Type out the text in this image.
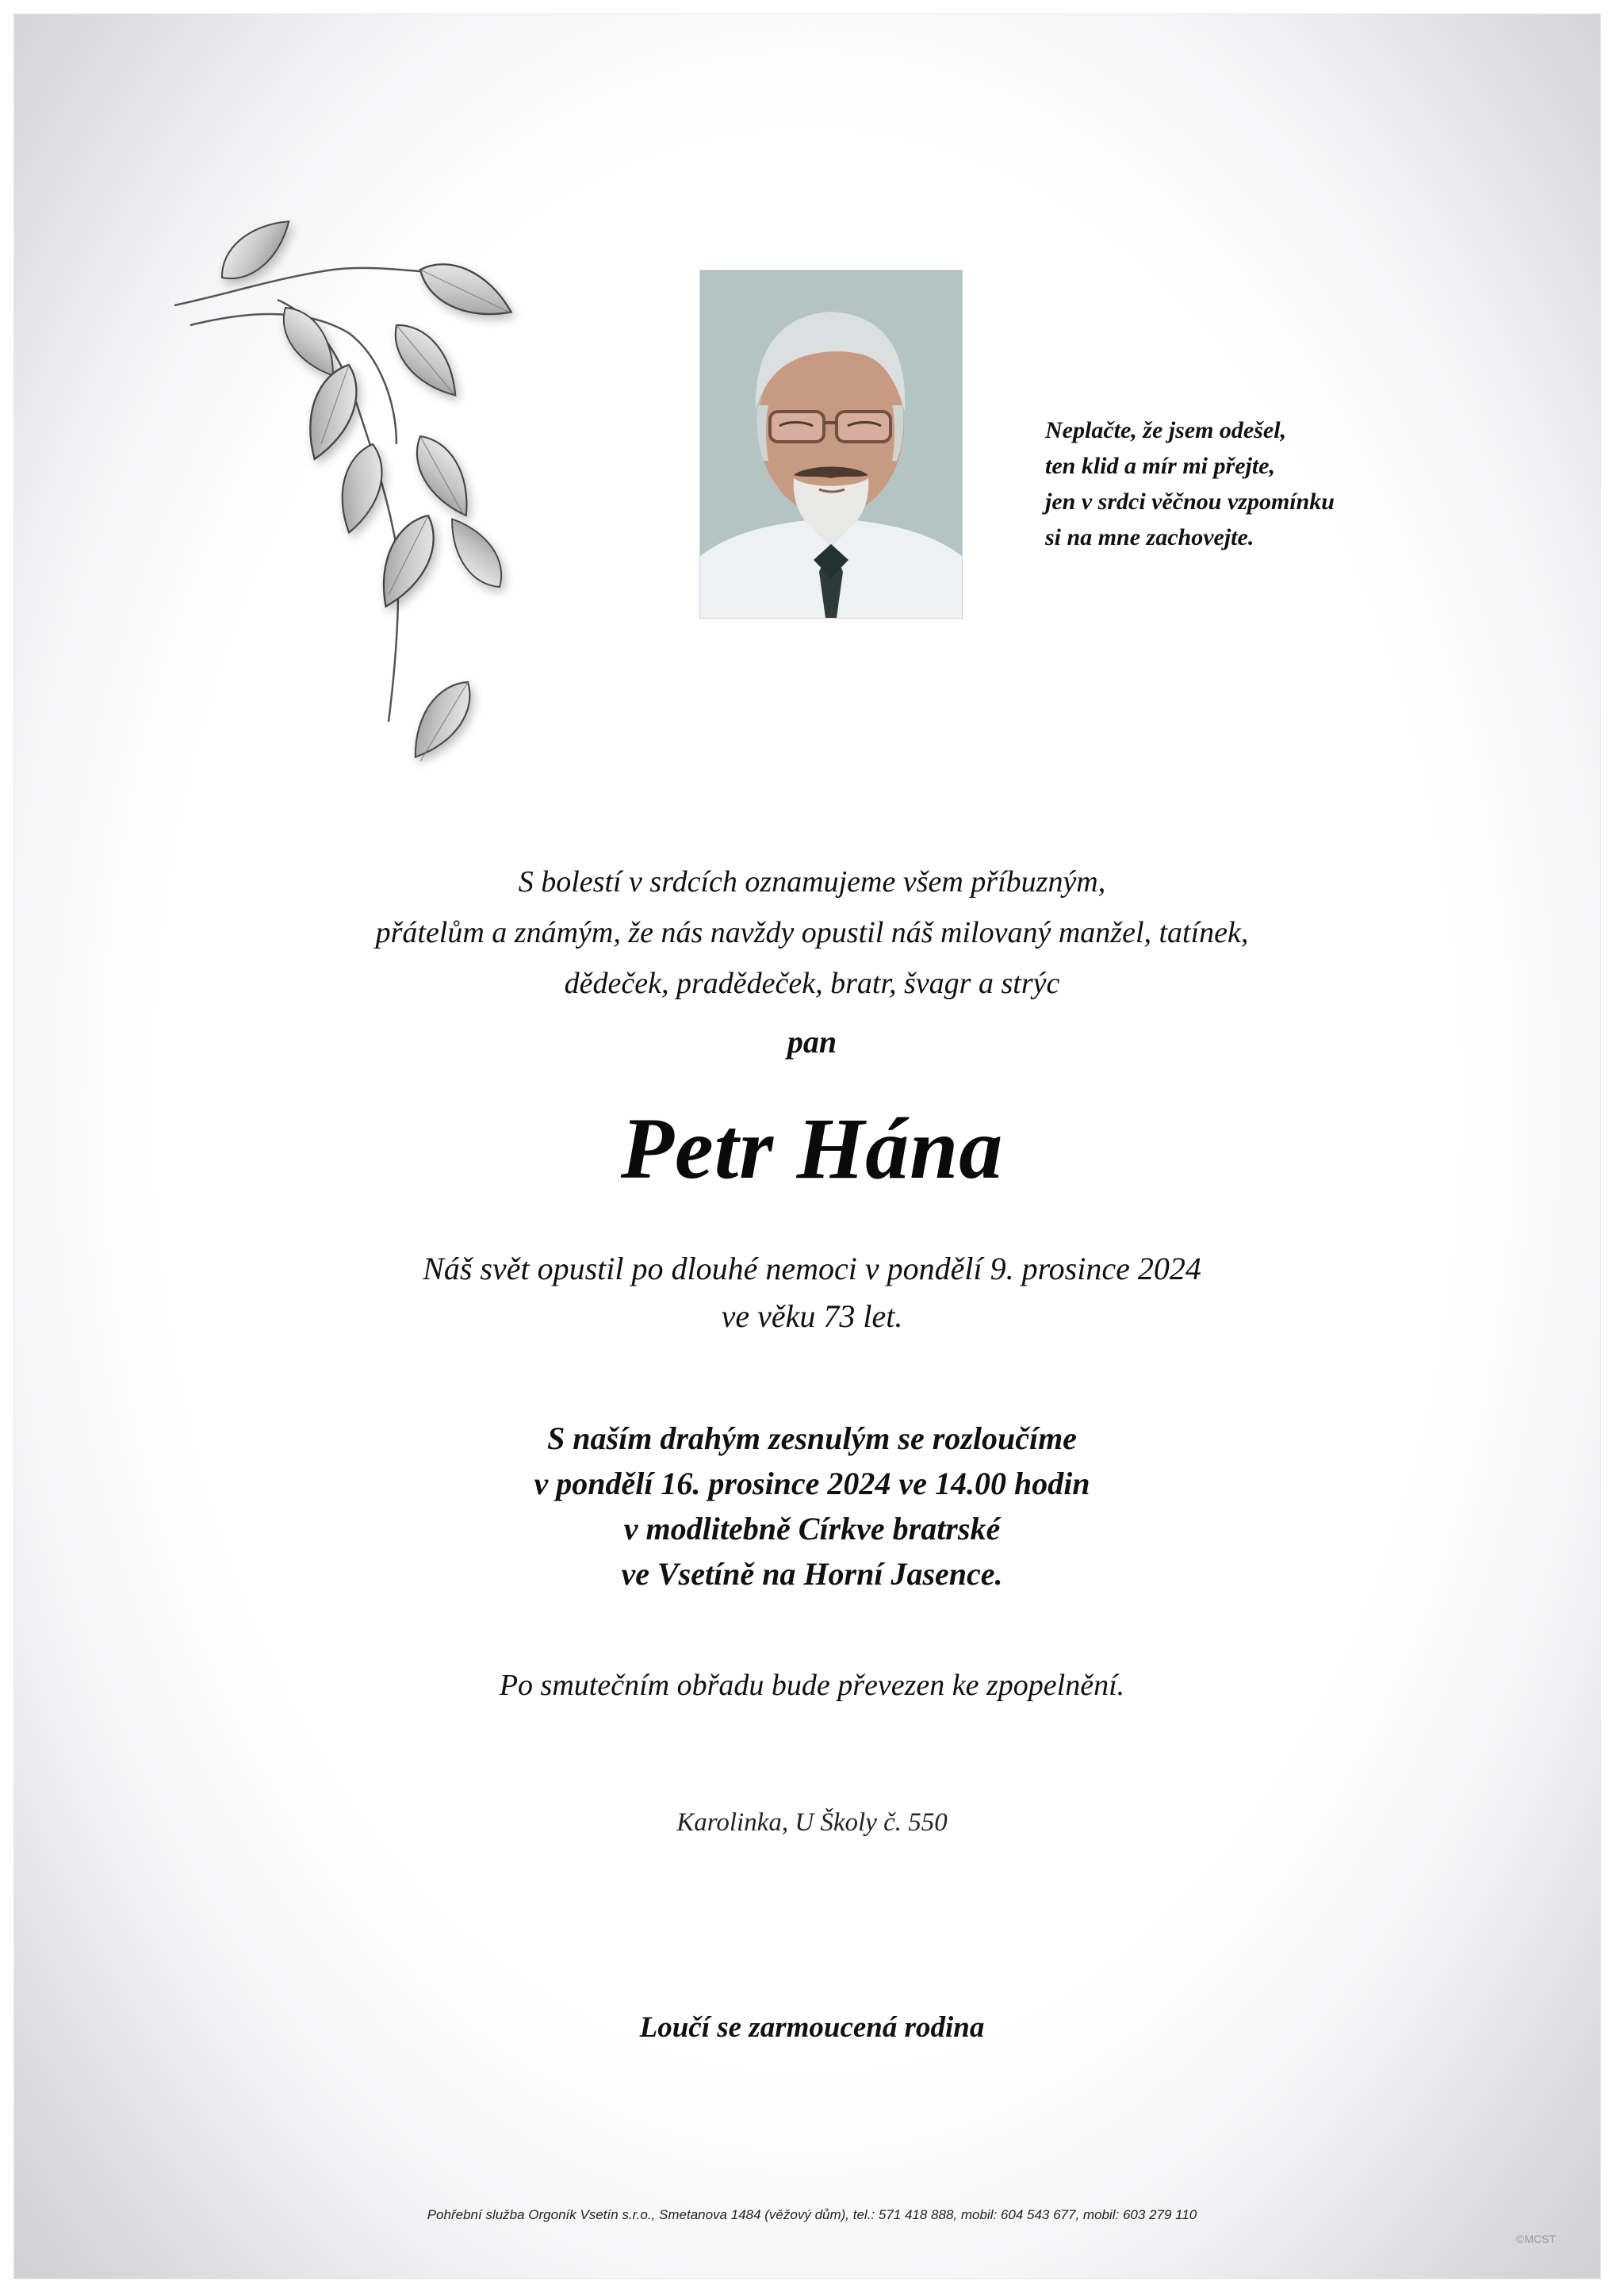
Neplačte, že jsem odešel,
ten klid a mír mi přejte,
jen v srdci věčnou vzpomínku
si na mne zachovejte.
S bolestí v srdcích oznamujeme všem příbuzným,
přátelům a známým, že nás navždy opustil náš milovaný manžel, tatínek,
dědeček, pradědeček, bratr, švagr a strýc
pan
Petr Hána
Náš svět opustil po dlouhé nemoci v pondělí 9. prosince 2024
ve věku 73 let.
S naším drahým zesnulým se rozloučíme
v pondělí 16. prosince 2024 ve 14.00 hodin
v modlitebně Církve bratrské
ve Vsetíně na Horní Jasence.
Po smutečním obřadu bude převezen ke zpopelnění.
Karolinka, U Školy č. 550
Loučí se zarmoucená rodina
Pohřební služba Orgoník Vsetín s.r.o., Smetanova 1484 (věžový dům), tel.: 571 418 888, mobil: 604 543 677, mobil: 603 279 110
©MCST
